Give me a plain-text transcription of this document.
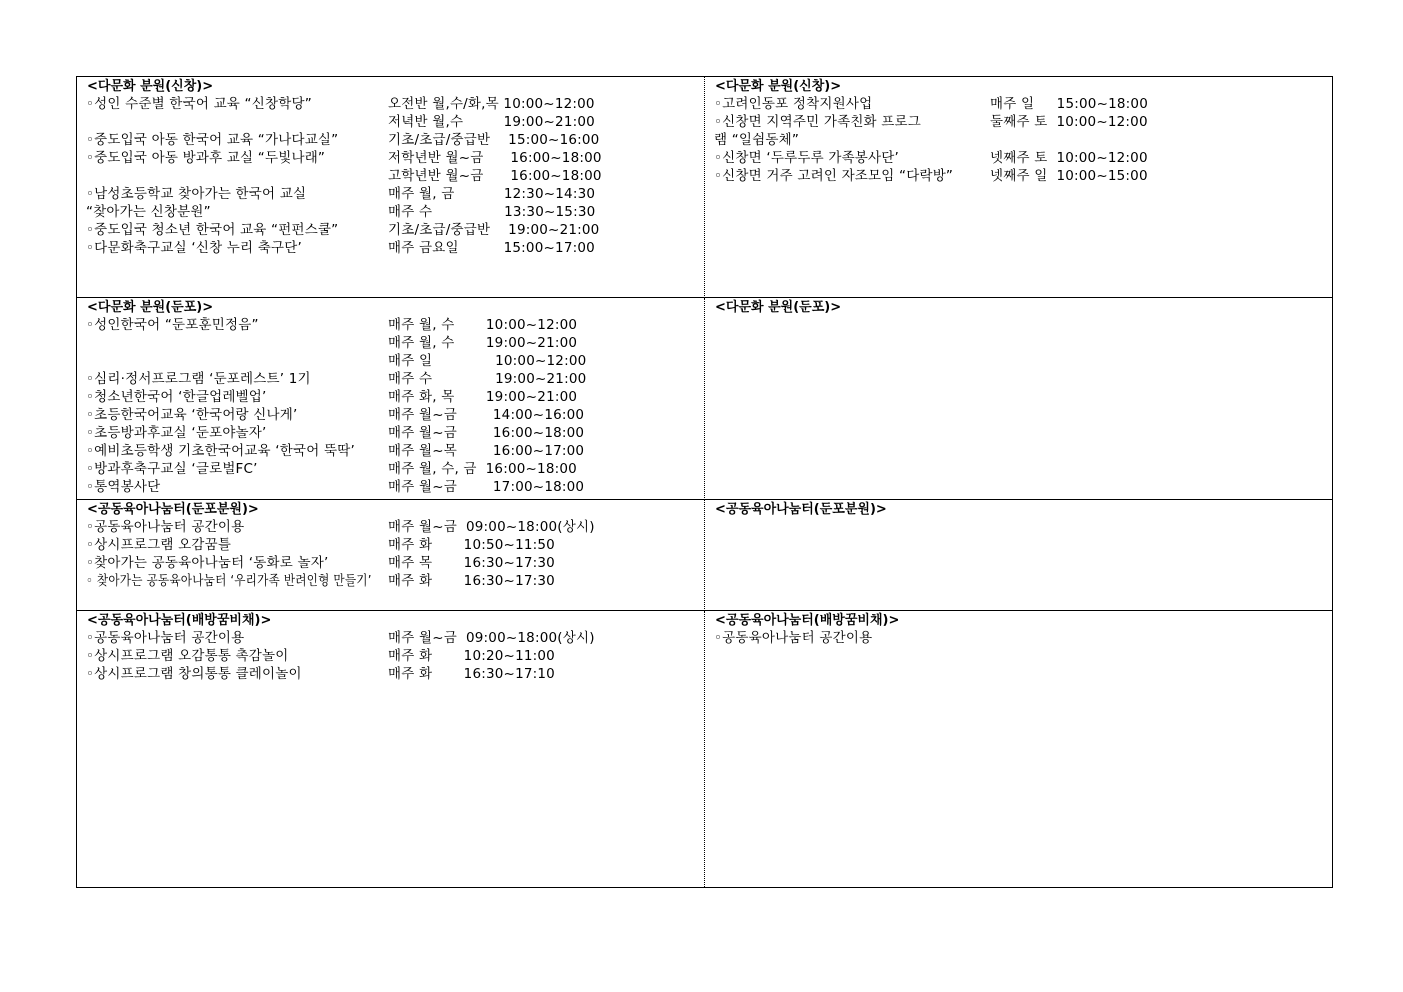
<다문화 분원(신창)>
◦성인 수준별 한국어 교육 “신창학당”	오전반 월,수/화,목 10:00~12:00
저녁반 월,수         19:00~21:00
◦중도입국 아동 한국어 교육 “가나다교실”	기초/초급/중급반    15:00~16:00
◦중도입국 아동 방과후 교실 “두빛나래”	저학년반 월~금      16:00~18:00
고학년반 월~금      16:00~18:00
◦남성초등학교 찾아가는 한국어 교실	매주 월, 금           12:30~14:30
“찾아가는 신창분원”	매주 수                13:30~15:30
◦중도입국 청소년 한국어 교육 “펀펀스쿨”	기초/초급/중급반    19:00~21:00
◦다문화축구교실 ‘신창 누리 축구단’	매주 금요일          15:00~17:00
<다문화 분원(신창)>
◦고려인동포 정착지원사업	매주 일     15:00~18:00
◦신창면 지역주민 가족친화 프로그	둘째주 토  10:00~12:00
램 “일쉼동체”
◦신창면 ‘두루두루 가족봉사단’	넷째주 토  10:00~12:00
◦신창면 거주 고려인 자조모임 “다락방”	넷째주 일  10:00~15:00
<다문화 분원(둔포)>
◦성인한국어 “둔포훈민정음”	매주 월, 수       10:00~12:00
매주 월, 수       19:00~21:00
매주 일              10:00~12:00
◦심리·정서프로그램 ‘둔포레스트’ 1기	매주 수              19:00~21:00
◦청소년한국어 ‘한글업레벨업’	매주 화, 목       19:00~21:00
◦초등한국어교육 ‘한국어랑 신나게’	매주 월~금        14:00~16:00
◦초등방과후교실 ‘둔포야놀자’	매주 월~금        16:00~18:00
◦예비초등학생 기초한국어교육 ‘한국어 뚝딱’ 매주 월~목        16:00~17:00
◦방과후축구교실 ‘글로벌FC’	매주 월, 수, 금  16:00~18:00
◦통역봉사단	매주 월~금        17:00~18:00
<다문화 분원(둔포)>
<공동육아나눔터(둔포분원)>
◦공동육아나눔터 공간이용	매주 월~금  09:00~18:00(상시)
◦상시프로그램 오감꿈틀	매주 화       10:50~11:50
◦찾아가는 공동육아나눔터 ‘동화로 놀자’	매주 목       16:30~17:30
◦ 찾아가는 공동육아나눔터 ‘우리가족 반려인형 만들기’ 매주 화       16:30~17:30
<공동육아나눔터(둔포분원)>
<공동육아나눔터(배방꿈비채)>
◦공동육아나눔터 공간이용	매주 월~금  09:00~18:00(상시)
◦상시프로그램 오감통통 촉감놀이	매주 화       10:20~11:00
◦상시프로그램 창의통통 클레이놀이	매주 화       16:30~17:10
<공동육아나눔터(배방꿈비채)>
◦공동육아나눔터 공간이용
